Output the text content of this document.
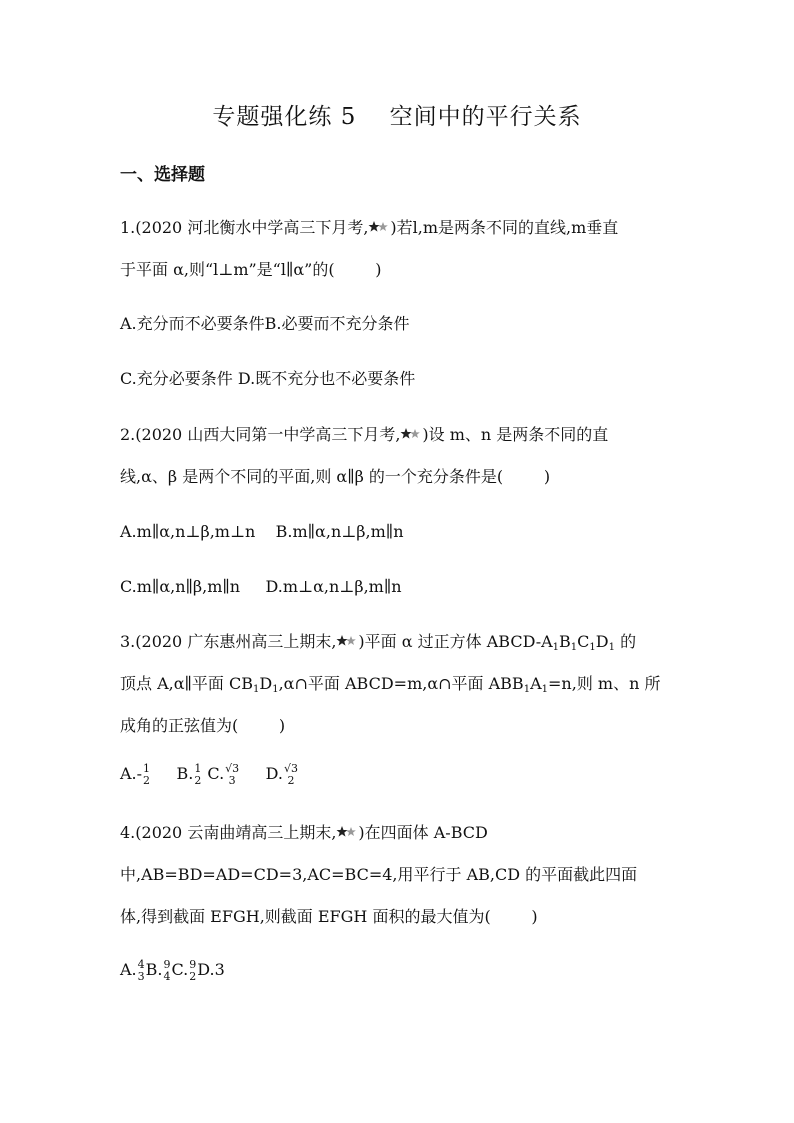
专题强化练 5    空间中的平行关系
一、选择题
1.(2020 河北衡水中学高三下月考, )若l,m是两条不同的直线,m垂直
于平面 α,则“l⊥m”是“l∥α”的(        )
A.充分而不必要条件B.必要而不充分条件
C.充分必要条件 D.既不充分也不必要条件
2.(2020 山西大同第一中学高三下月考, )设 m、n 是两条不同的直
线,α、β 是两个不同的平面,则 α∥β 的一个充分条件是(        )
A.m∥α,n⊥β,m⊥n    B.m∥α,n⊥β,m∥n
C.m∥α,n∥β,m∥n     D.m⊥α,n⊥β,m∥n
3.(2020 广东惠州高三上期末, )平面 α 过正方体 ABCD-$A_1B_1C_1D_1$ 的
顶点 A,α∥平面 $CB_1D_1,\alpha\cap$平面 ABCD=m,α∩平面 $ABB_1A_1=n$,则 m、n 所
成角的正弦值为(        )
A.- 1
2 B. 1
2 C. √3
3 D. √3
2
4.(2020 云南曲靖高三上期末, )在四面体 A-BCD
中,AB=BD=AD=CD=3,AC=BC=4,用平行于 AB,CD 的平面截此四面
体,得到截面 EFGH,则截面 EFGH 面积的最大值为(        )
A. 4
3 B. 9
4 C. 9
2 D.3
